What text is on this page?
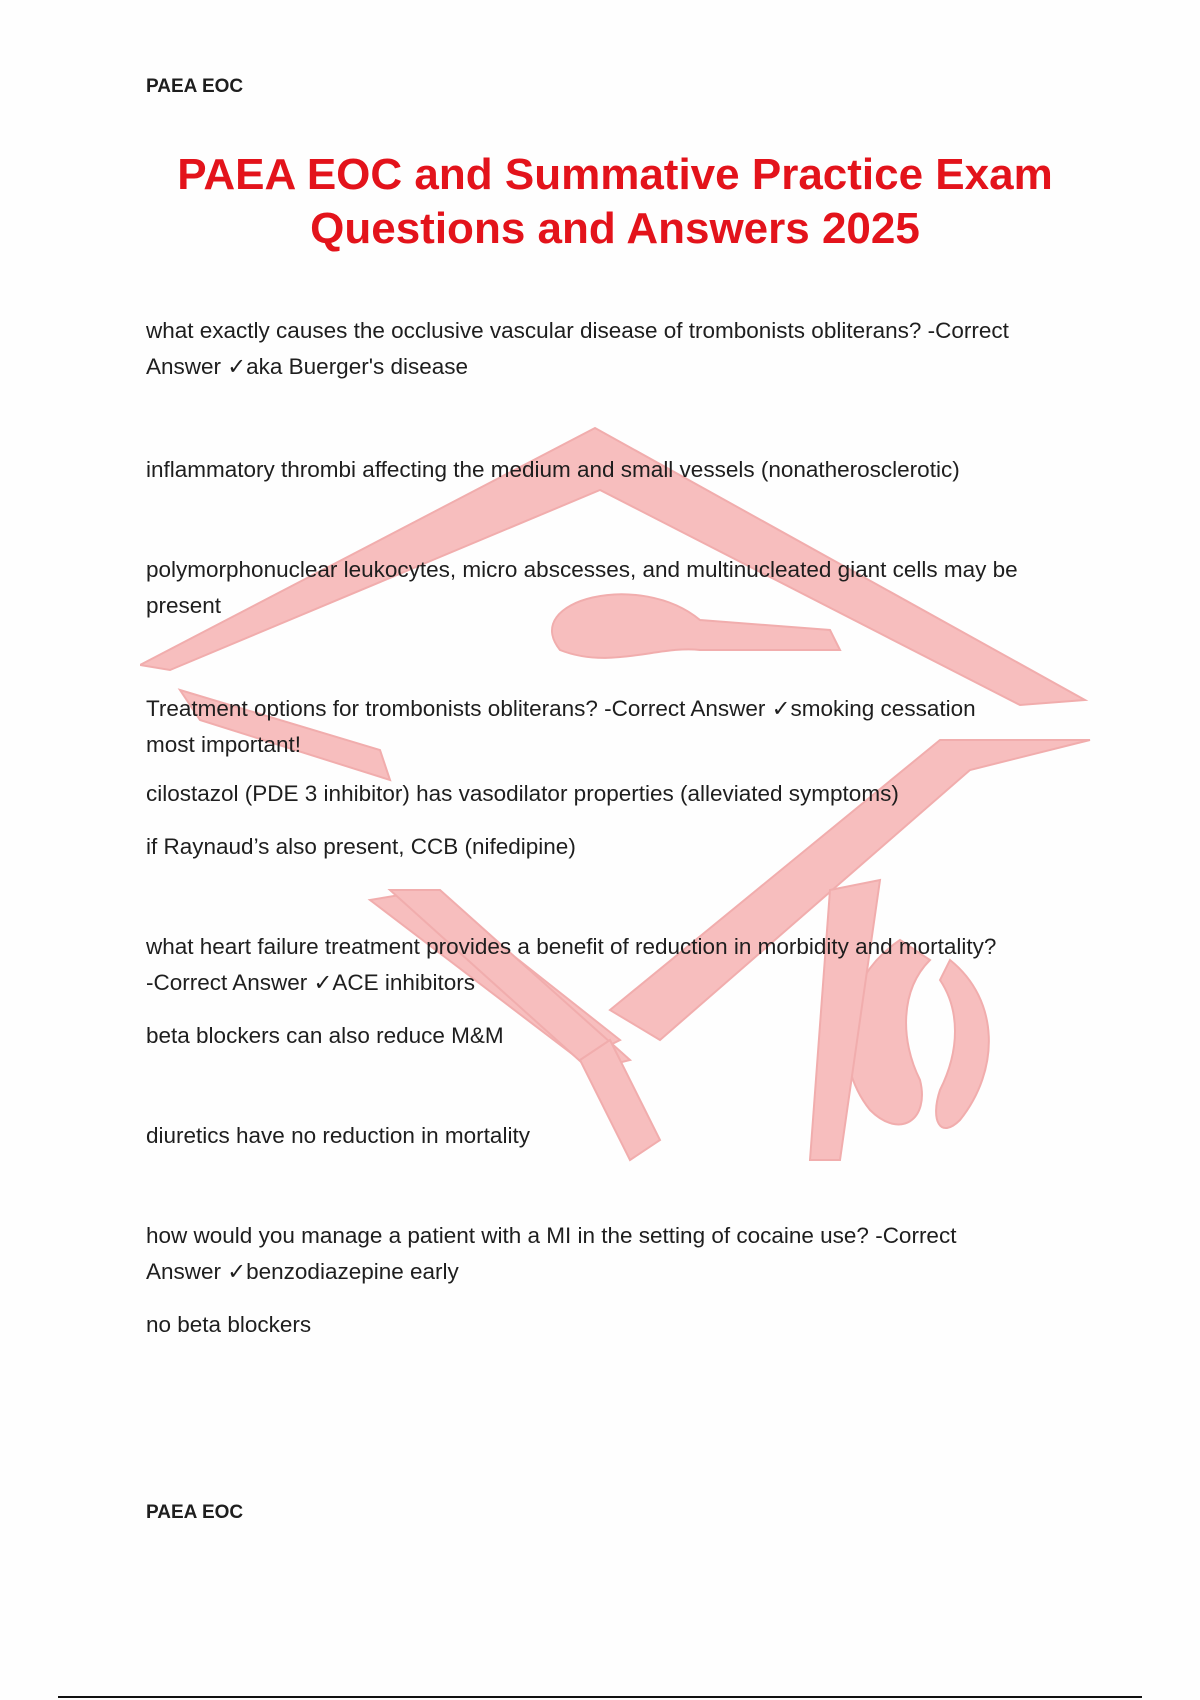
PAEA EOC
PAEA EOC and Summative Practice Exam
Questions and Answers 2025
what exactly causes the occlusive vascular disease of trombonists obliterans? -Correct
Answer ✓aka Buerger's disease
inflammatory thrombi affecting the medium and small vessels (nonatherosclerotic)
polymorphonuclear leukocytes, micro abscesses, and multinucleated giant cells may be
present
Treatment options for trombonists obliterans? -Correct Answer ✓smoking cessation
most important!
cilostazol (PDE 3 inhibitor) has vasodilator properties (alleviated symptoms)
if Raynaud’s also present, CCB (nifedipine)
what heart failure treatment provides a benefit of reduction in morbidity and mortality?
-Correct Answer ✓ACE inhibitors
beta blockers can also reduce M&M
diuretics have no reduction in mortality
how would you manage a patient with a MI in the setting of cocaine use? -Correct
Answer ✓benzodiazepine early
no beta blockers
PAEA EOC
